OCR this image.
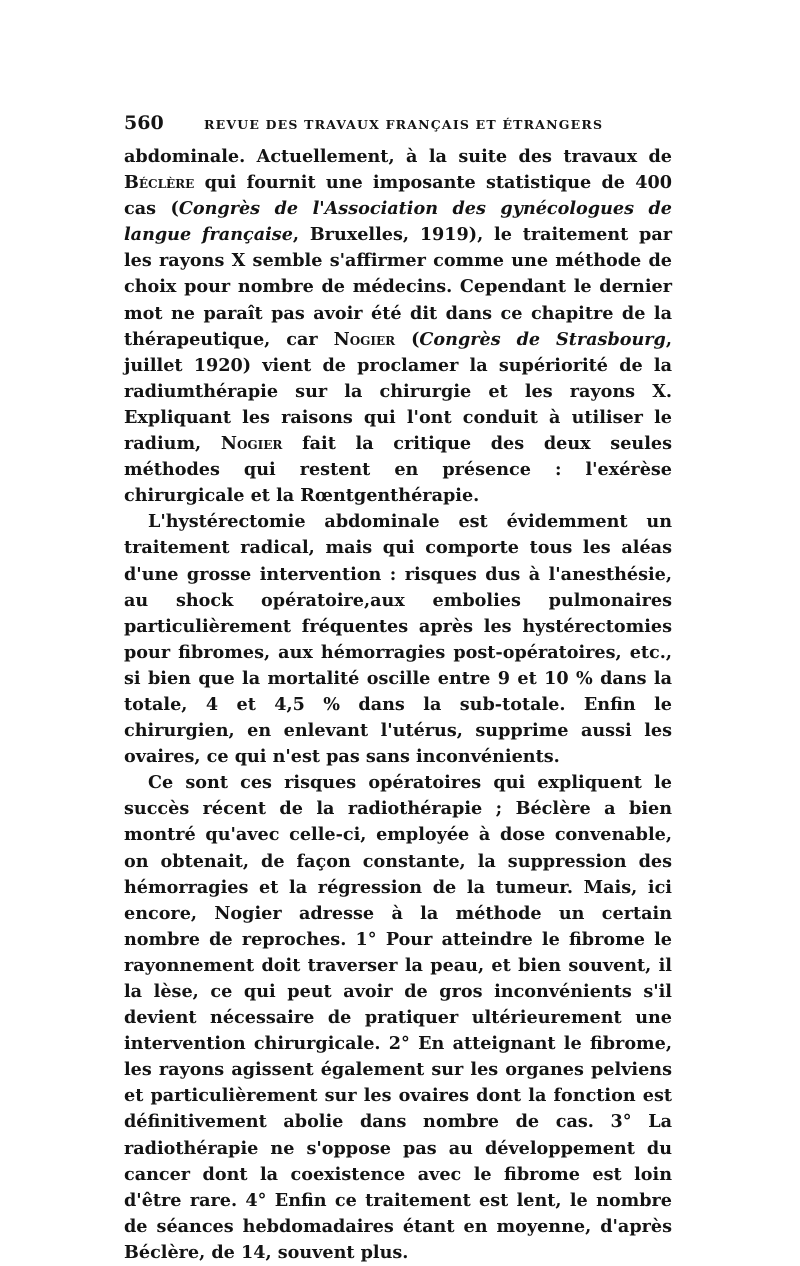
560	REVUE DES TRAVAUX FRANÇAIS ET ÉTRANGERS

abdominale. Actuellement, à la suite des travaux de Béclère qui fournit une imposante statistique de 400 cas (Congrès de l'Association des gynécologues de langue française, Bruxelles, 1919), le traitement par les rayons X semble s'affirmer comme une méthode de choix pour nombre de médecins. Cependant le dernier mot ne paraît pas avoir été dit dans ce chapitre de la thérapeutique, car Nogier (Congrès de Strasbourg, juillet 1920) vient de proclamer la supériorité de la radiumthérapie sur la chirurgie et les rayons X. Expliquant les raisons qui l'ont conduit à utiliser le radium, Nogier fait la critique des deux seules méthodes qui restent en présence : l'exérèse chirurgicale et la Rœntgenthérapie.

L'hystérectomie abdominale est évidemment un traitement radical, mais qui comporte tous les aléas d'une grosse intervention : risques dus à l'anesthésie, au shock opératoire,aux embolies pulmonaires particulièrement fréquentes après les hystérectomies pour fibromes, aux hémorragies post-opératoires, etc., si bien que la mortalité oscille entre 9 et 10 % dans la totale, 4 et 4,5 % dans la sub-totale. Enfin le chirurgien, en enlevant l'utérus, supprime aussi les ovaires, ce qui n'est pas sans inconvénients.

Ce sont ces risques opératoires qui expliquent le succès récent de la radiothérapie ; Béclère a bien montré qu'avec celle-ci, employée à dose convenable, on obtenait, de façon constante, la suppression des hémorragies et la régression de la tumeur. Mais, ici encore, Nogier adresse à la méthode un certain nombre de reproches. 1° Pour atteindre le fibrome le rayonnement doit traverser la peau, et bien souvent, il la lèse, ce qui peut avoir de gros inconvénients s'il devient nécessaire de pratiquer ultérieurement une intervention chirurgicale. 2° En atteignant le fibrome, les rayons agissent également sur les organes pelviens et particulièrement sur les ovaires dont la fonction est définitivement abolie dans nombre de cas. 3° La radiothérapie ne s'oppose pas au développement du cancer dont la coexistence avec le fibrome est loin d'être rare. 4° Enfin ce traitement est lent, le nombre de séances hebdomadaires étant en moyenne, d'après Béclère, de 14, souvent plus.
